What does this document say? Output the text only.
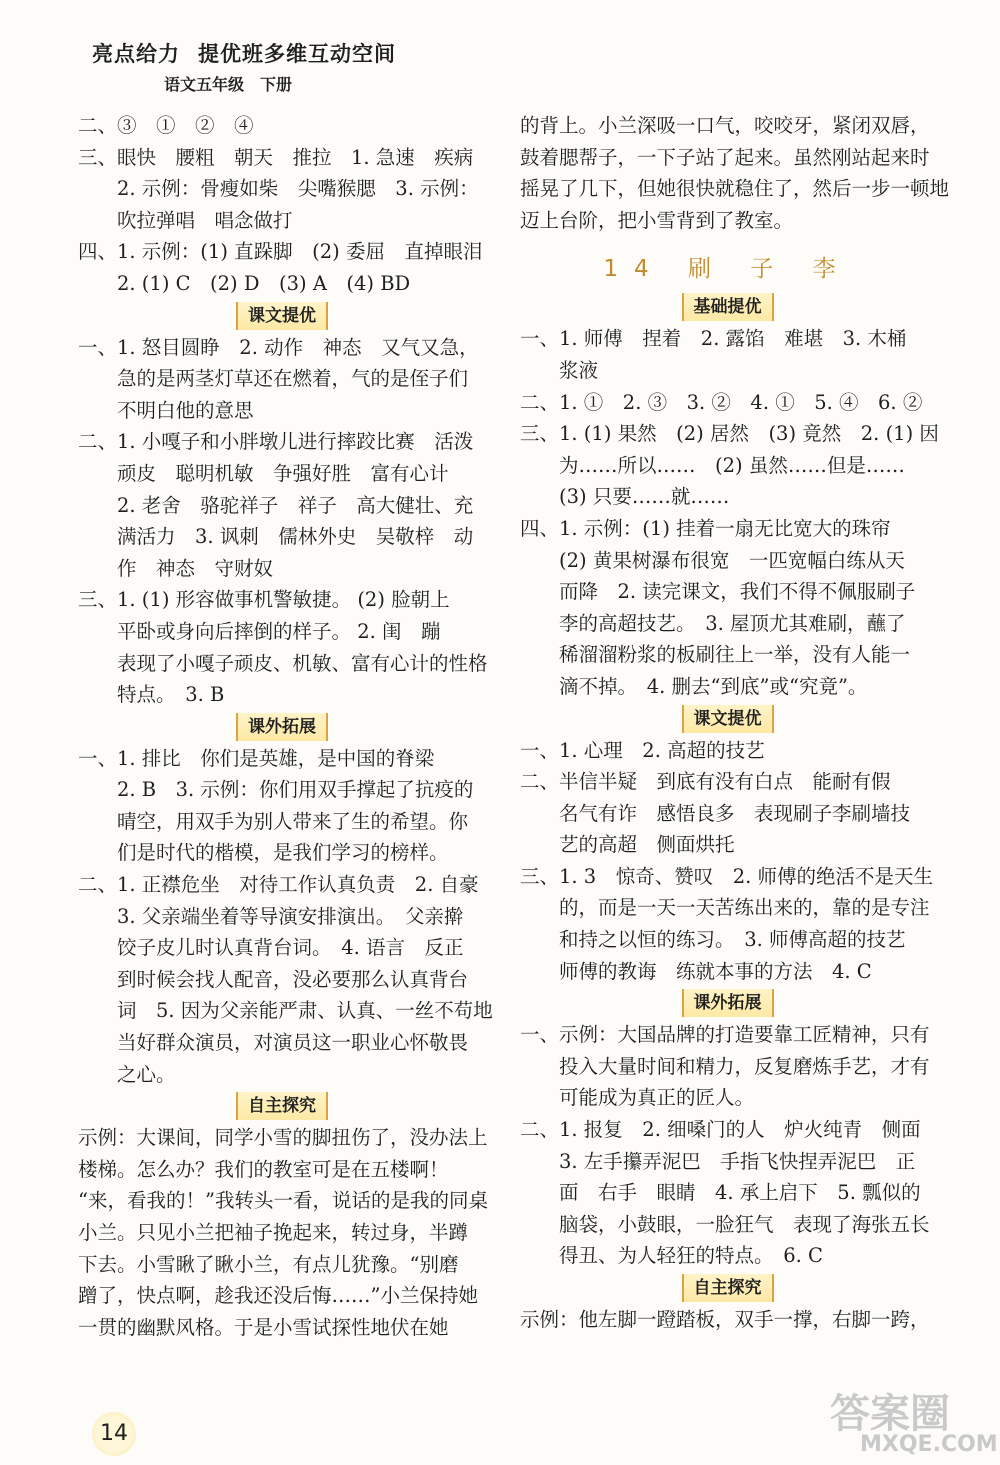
亮点给力 提优班多维互动空间
语文五年级 下册
二、③　①　②　④
三、眼快　腰粗　朝天　推拉　1. 急速　疾病
　　2. 示例：骨瘦如柴　尖嘴猴腮　3. 示例：
　　吹拉弹唱　唱念做打
四、1. 示例：(1) 直跺脚　(2) 委屈　直掉眼泪
　　2. (1) C　(2) D　(3) A　(4) BD
课文提优
一、1. 怒目圆睁　2. 动作　神态　又气又急，
　　急的是两茎灯草还在燃着，气的是侄子们
　　不明白他的意思
二、1. 小嘎子和小胖墩儿进行摔跤比赛　活泼
　　顽皮　聪明机敏　争强好胜　富有心计
　　2. 老舍　骆驼祥子　祥子　高大健壮、充
　　满活力　3. 讽刺　儒林外史　吴敬梓　动
　　作　神态　守财奴
三、1. (1) 形容做事机警敏捷。 (2) 脸朝上
　　平卧或身向后摔倒的样子。 2. 闺　蹦
　　表现了小嘎子顽皮、机敏、富有心计的性格
　　特点。　3. B
课外拓展
一、1. 排比　你们是英雄，是中国的脊梁
　　2. B　3. 示例：你们用双手撑起了抗疫的
　　晴空，用双手为别人带来了生的希望。你
　　们是时代的楷模，是我们学习的榜样。
二、1. 正襟危坐　对待工作认真负责　2. 自豪
　　3. 父亲端坐着等导演安排演出。　父亲擀
　　饺子皮儿时认真背台词。　4. 语言　反正
　　到时候会找人配音，没必要那么认真背台
　　词　5. 因为父亲能严肃、认真、一丝不苟地
　　当好群众演员，对演员这一职业心怀敬畏
　　之心。
自主探究
示例：大课间，同学小雪的脚扭伤了，没办法上
楼梯。怎么办？我们的教室可是在五楼啊！
“来，看我的！”我转头一看，说话的是我的同桌
小兰。只见小兰把袖子挽起来，转过身，半蹲
下去。小雪瞅了瞅小兰，有点儿犹豫。“别磨
蹭了，快点啊，趁我还没后悔……”小兰保持她
一贯的幽默风格。于是小雪试探性地伏在她
的背上。小兰深吸一口气，咬咬牙，紧闭双唇，
鼓着腮帮子，一下子站了起来。虽然刚站起来时
摇晃了几下，但她很快就稳住了，然后一步一顿地
迈上台阶，把小雪背到了教室。
14 刷 子 李
基础提优
一、1. 师傅　捏着　2. 露馅　难堪　3. 木桶
　　浆液
二、1. ①　2. ③　3. ②　4. ①　5. ④　6. ②
三、1. (1) 果然　(2) 居然　(3) 竟然　2. (1) 因
　　为……所以……　(2) 虽然……但是……
　　(3) 只要……就……
四、1. 示例：(1) 挂着一扇无比宽大的珠帘
　　(2) 黄果树瀑布很宽　一匹宽幅白练从天
　　而降　2. 读完课文，我们不得不佩服刷子
　　李的高超技艺。　3. 屋顶尤其难刷，蘸了
　　稀溜溜粉浆的板刷往上一举，没有人能一
　　滴不掉。　4. 删去“到底”或“究竟”。
课文提优
一、1. 心理　2. 高超的技艺
二、半信半疑　到底有没有白点　能耐有假
　　名气有诈　感悟良多　表现刷子李刷墙技
　　艺的高超　侧面烘托
三、1. 3　惊奇、赞叹　2. 师傅的绝活不是天生
　　的，而是一天一天苦练出来的，靠的是专注
　　和持之以恒的练习。　3. 师傅高超的技艺
　　师傅的教诲　练就本事的方法　4. C
课外拓展
一、示例：大国品牌的打造要靠工匠精神，只有
　　投入大量时间和精力，反复磨炼手艺，才有
　　可能成为真正的匠人。
二、1. 报复　2. 细嗓门的人　炉火纯青　侧面
　　3. 左手攥弄泥巴　手指飞快捏弄泥巴　正
　　面　右手　眼睛　4. 承上启下　5. 瓢似的
　　脑袋，小鼓眼，一脸狂气　表现了海张五长
　　得丑、为人轻狂的特点。　6. C
自主探究
示例：他左脚一蹬踏板，双手一撑，右脚一跨，
14	答案圈
MXQE.COM
